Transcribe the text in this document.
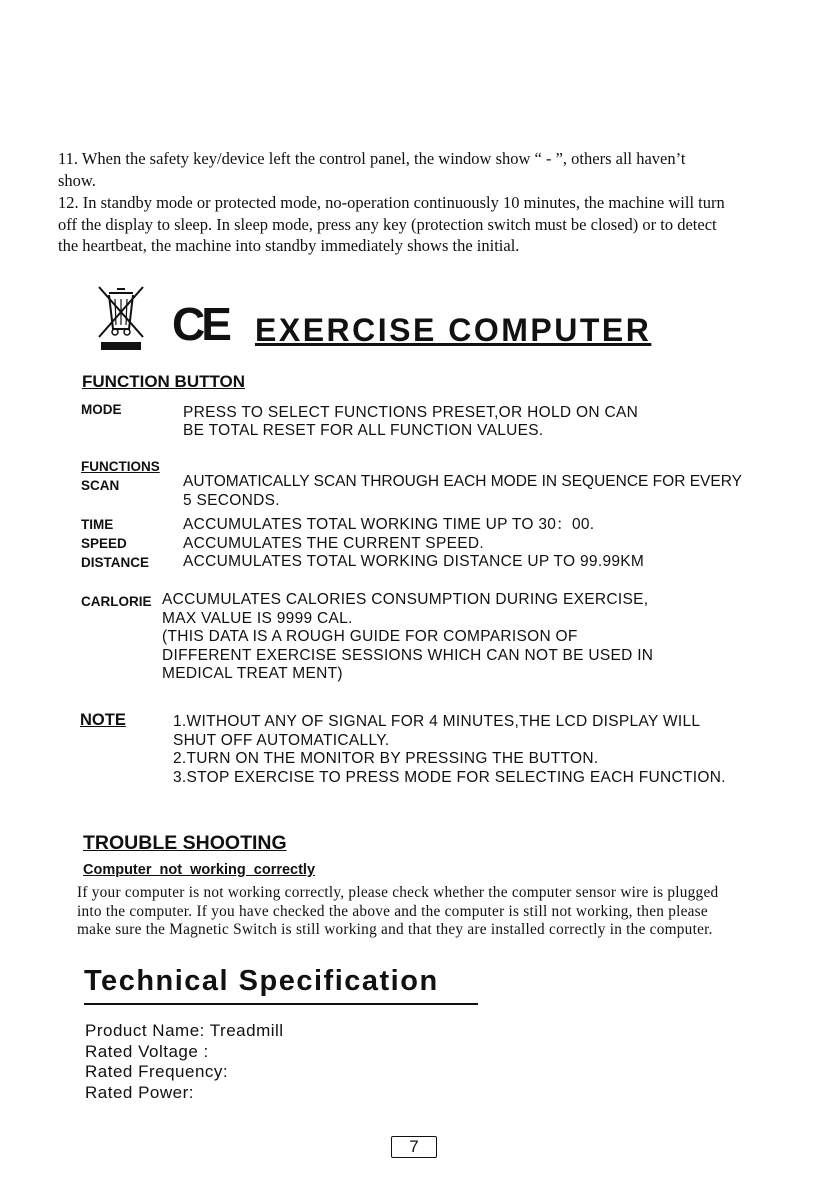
11. When the safety key/device left the control panel, the window show “ - ”, others all haven’t
show.
12. In standby mode or protected mode, no-operation continuously 10 minutes, the machine will turn
off the display to sleep. In sleep mode, press any key (protection switch must be closed) or to detect
the heartbeat, the machine into standby immediately shows the initial.
CE EXERCISE COMPUTER
FUNCTION BUTTON
MODE	PRESS TO SELECT FUNCTIONS PRESET,OR HOLD ON CAN
BE TOTAL RESET FOR ALL FUNCTION VALUES.
FUNCTIONS
SCAN	AUTOMATICALLY SCAN THROUGH EACH MODE IN SEQUENCE FOR EVERY
5 SECONDS.
TIME	ACCUMULATES TOTAL WORKING TIME UP TO 30：00.
SPEED	ACCUMULATES THE CURRENT SPEED.
DISTANCE ACCUMULATES TOTAL WORKING DISTANCE UP TO 99.99KM
CARLORIE ACCUMULATES CALORIES CONSUMPTION DURING EXERCISE,
MAX VALUE IS 9999 CAL.
(THIS DATA IS A ROUGH GUIDE FOR COMPARISON OF
DIFFERENT EXERCISE SESSIONS WHICH CAN NOT BE USED IN
MEDICAL TREAT MENT)
NOTE	1.WITHOUT ANY OF SIGNAL FOR 4 MINUTES,THE LCD DISPLAY WILL
SHUT OFF AUTOMATICALLY.
2.TURN ON THE MONITOR BY PRESSING THE BUTTON.
3.STOP EXERCISE TO PRESS MODE FOR SELECTING EACH FUNCTION.
TROUBLE SHOOTING
Computer  not  working  correctly
If your computer is not working correctly, please check whether the computer sensor wire is plugged
into the computer. If you have checked the above and the computer is still not working, then please
make sure the Magnetic Switch is still working and that they are installed correctly in the computer.
Technical Specification
Product Name: Treadmill
Rated Voltage :
Rated Frequency:
Rated Power:
7
